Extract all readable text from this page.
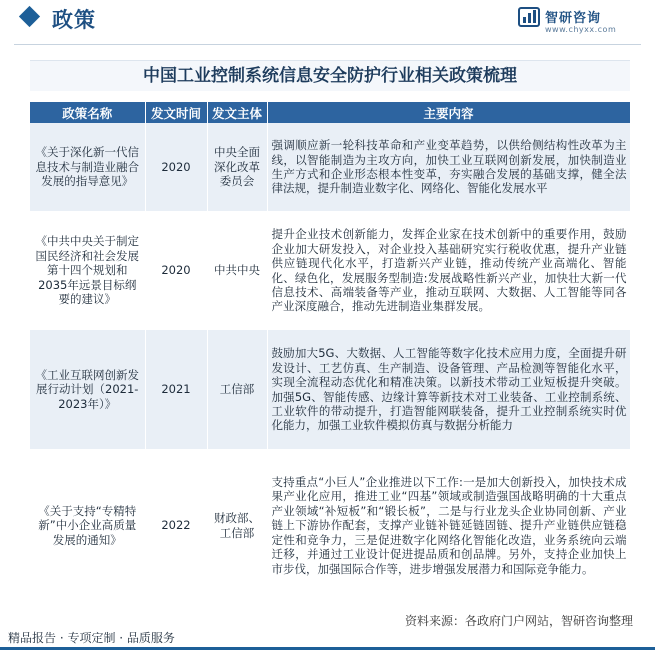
政策	智研咨询
www.chyxx.com
中国工业控制系统信息安全防护行业相关政策梳理
政策名称	发文时间	发文主体	主要内容
《关于深化新一代信息技术与制造业融合发展的指导意见》	2020	中央全面深化改革委员会	强调顺应新一轮科技革命和产业变革趋势，以供给侧结构性改革为主线，以智能制造为主攻方向，加快工业互联网创新发展，加快制造业生产方式和企业形态根本性变革，夯实融合发展的基础支撑，健全法律法规，提升制造业数字化、网络化、智能化发展水平
《中共中央关于制定国民经济和社会发展第十四个规划和2035年远景目标纲要的建议》	2020	中共中央	提升企业技术创新能力，发挥企业家在技术创新中的重要作用，鼓励企业加大研发投入，对企业投入基础研究实行税收优惠，提升产业链供应链现代化水平，打造新兴产业链，推动传统产业高端化、智能化、绿色化，发展服务型制造:发展战略性新兴产业，加快壮大新一代信息技术、高端装备等产业，推动互联网、大数据、人工智能等同各产业深度融合，推动先进制造业集群发展。
《工业互联网创新发展行动计划（2021-2023年）》	2021	工信部	鼓励加大5G、大数据、人工智能等数字化技术应用力度，全面提升研发设计、工艺仿真、生产制造、设备管理、产品检测等智能化水平，实现全流程动态优化和精准决策。以新技术带动工业短板提升突破。加强5G、智能传感、边缘计算等新技术对工业装备、工业控制系统、工业软件的带动提升，打造智能网联装备，提升工业控制系统实时优化能力，加强工业软件模拟仿真与数据分析能力
《关于支持“专精特新”中小企业高质量发展的通知》	2022	财政部、工信部	支持重点“小巨人”企业推进以下工作:一是加大创新投入，加快技术成果产业化应用，推进工业“四基”领域或制造强国战略明确的十大重点产业领域“补短板”和“锻长板”，二是与行业龙头企业协同创新、产业链上下游协作配套，支撑产业链补链延链固链、提升产业链供应链稳定性和竞争力，三是促进数字化网络化智能化改造，业务系统向云端迁移，并通过工业设计促进提品质和创品牌。另外，支持企业加快上市步伐，加强国际合作等，进步增强发展潜力和国际竞争能力。
资料来源：各政府门户网站，智研咨询整理
精品报告 · 专项定制 · 品质服务
